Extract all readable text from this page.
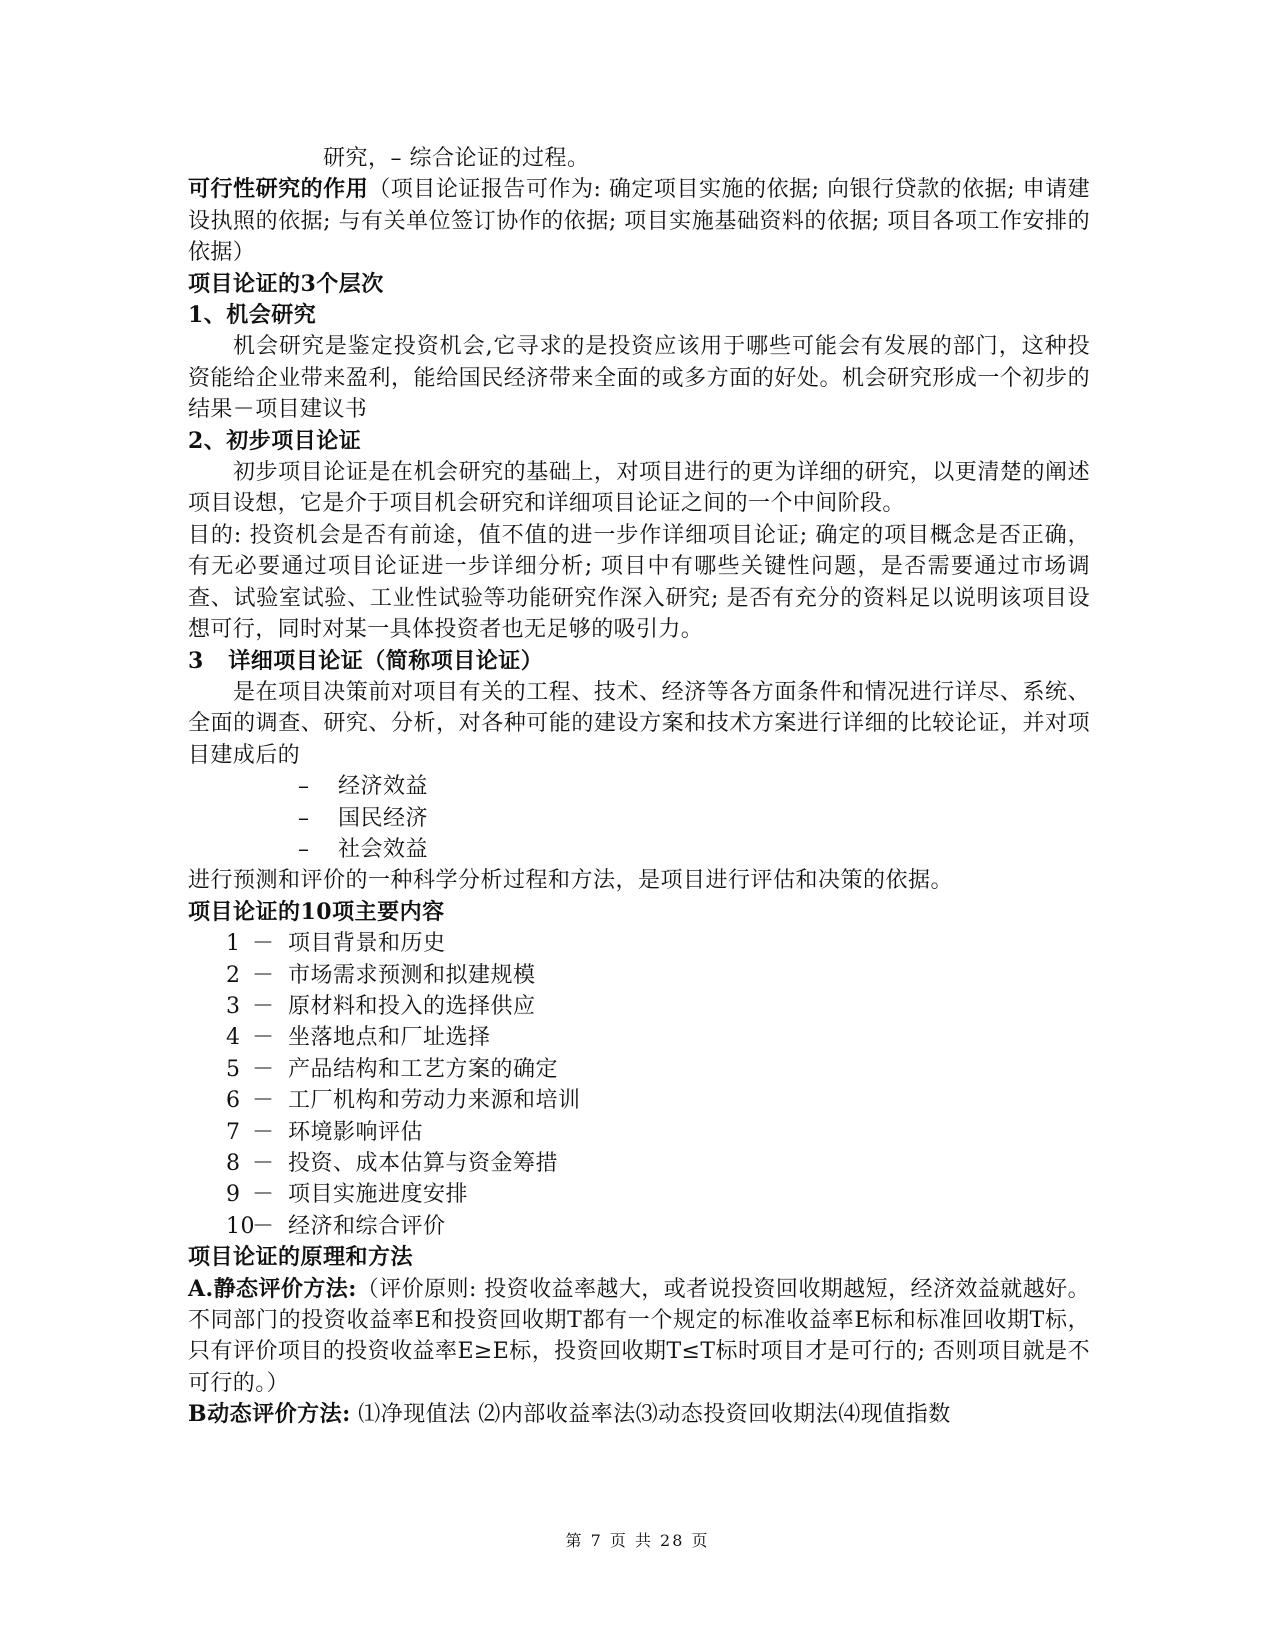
研究，– 综合论证的过程。
可行性研究的作用（项目论证报告可作为: 确定项目实施的依据; 向银行贷款的依据; 申请建设执照的依据; 与有关单位签订协作的依据; 项目实施基础资料的依据; 项目各项工作安排的依据）
项目论证的3个层次
1、机会研究
机会研究是鉴定投资机会,它寻求的是投资应该用于哪些可能会有发展的部门，这种投资能给企业带来盈利，能给国民经济带来全面的或多方面的好处。机会研究形成一个初步的结果－项目建议书
2、初步项目论证
初步项目论证是在机会研究的基础上，对项目进行的更为详细的研究，以更清楚的阐述项目设想，它是介于项目机会研究和详细项目论证之间的一个中间阶段。
目的: 投资机会是否有前途，值不值的进一步作详细项目论证; 确定的项目概念是否正确，有无必要通过项目论证进一步详细分析; 项目中有哪些关键性问题，是否需要通过市场调查、试验室试验、工业性试验等功能研究作深入研究; 是否有充分的资料足以说明该项目设想可行，同时对某一具体投资者也无足够的吸引力。
3   详细项目论证（简称项目论证）
是在项目决策前对项目有关的工程、技术、经济等各方面条件和情况进行详尽、系统、全面的调查、研究、分析，对各种可能的建设方案和技术方案进行详细的比较论证，并对项目建成后的
– 经济效益
– 国民经济
– 社会效益
进行预测和评价的一种科学分析过程和方法，是项目进行评估和决策的依据。
项目论证的10项主要内容
1 － 项目背景和历史
2 － 市场需求预测和拟建规模
3 － 原材料和投入的选择供应
4 － 坐落地点和厂址选择
5 － 产品结构和工艺方案的确定
6 － 工厂机构和劳动力来源和培训
7 － 环境影响评估
8 － 投资、成本估算与资金筹措
9 － 项目实施进度安排
10－ 经济和综合评价
项目论证的原理和方法
A.静态评价方法:（评价原则: 投资收益率越大，或者说投资回收期越短，经济效益就越好。不同部门的投资收益率E和投资回收期T都有一个规定的标准收益率E标和标准回收期T标，只有评价项目的投资收益率E≥E标，投资回收期T≤T标时项目才是可行的; 否则项目就是不可行的。）
B动态评价方法: ⑴净现值法 ⑵内部收益率法⑶动态投资回收期法⑷现值指数
第 7 页 共 28 页
